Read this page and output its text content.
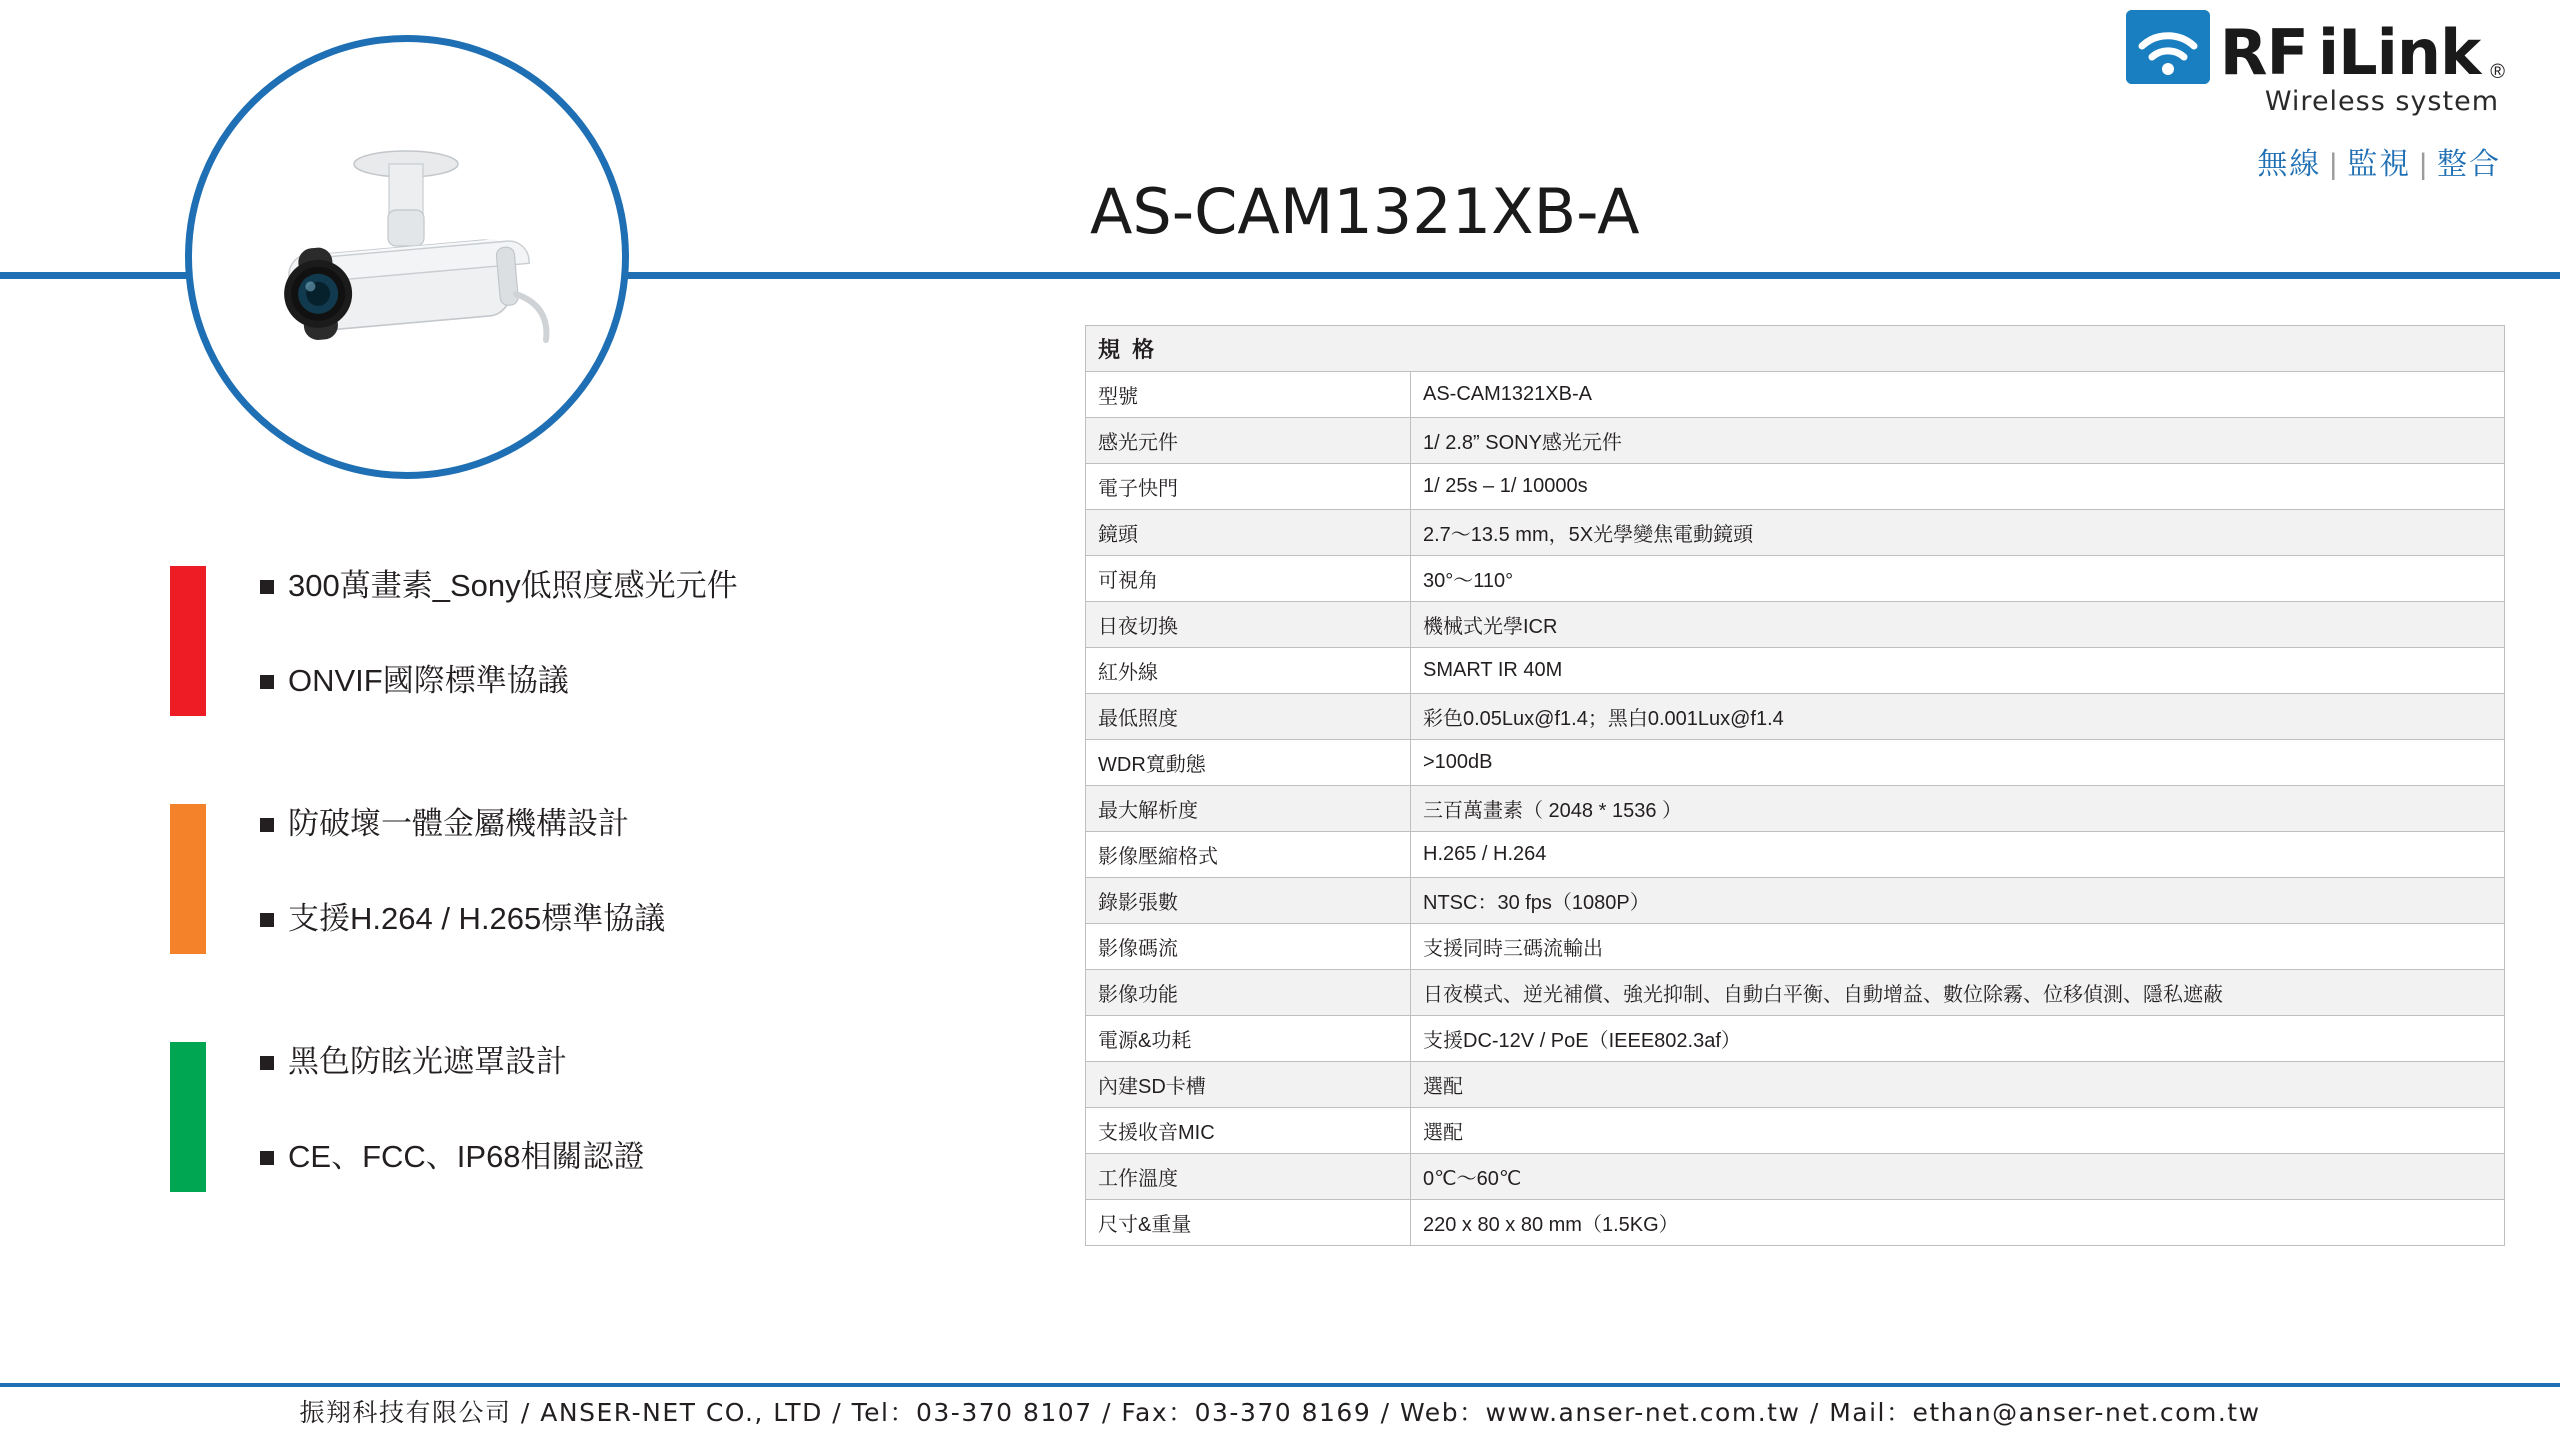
RF iLink ®
Wireless system
無線 | 監視 | 整合
AS-CAM1321XB-A
300萬畫素_Sony低照度感光元件
ONVIF國際標準協議
防破壞一體金屬機構設計
支援H.264 / H.265標準協議
黑色防眩光遮罩設計
CE、FCC、IP68相關認證
規 格	
型號	AS-CAM1321XB-A
感光元件	1/ 2.8” SONY感光元件
電子快門	1/ 25s – 1/ 10000s
鏡頭	2.7～13.5 mm，5X光學變焦電動鏡頭
可視角	30°～110°
日夜切換	機械式光學ICR
紅外線	SMART IR 40M
最低照度	彩色0.05Lux@f1.4；黑白0.001Lux@f1.4
WDR寬動態	>100dB
最大解析度	三百萬畫素（ 2048 * 1536 ）
影像壓縮格式	H.265 / H.264
錄影張數	NTSC：30 fps（1080P）
影像碼流	支援同時三碼流輸出
影像功能	日夜模式、逆光補償、強光抑制、自動白平衡、自動增益、數位除霧、位移偵測、隱私遮蔽
電源&功耗	支援DC-12V / PoE（IEEE802.3af）
內建SD卡槽	選配
支援收音MIC	選配
工作溫度	0℃～60℃
尺寸&重量	220 x 80 x 80 mm（1.5KG）
振翔科技有限公司 / ANSER-NET CO., LTD / Tel：03-370 8107 / Fax：03-370 8169 / Web：www.anser-net.com.tw / Mail：ethan@anser-net.com.tw
